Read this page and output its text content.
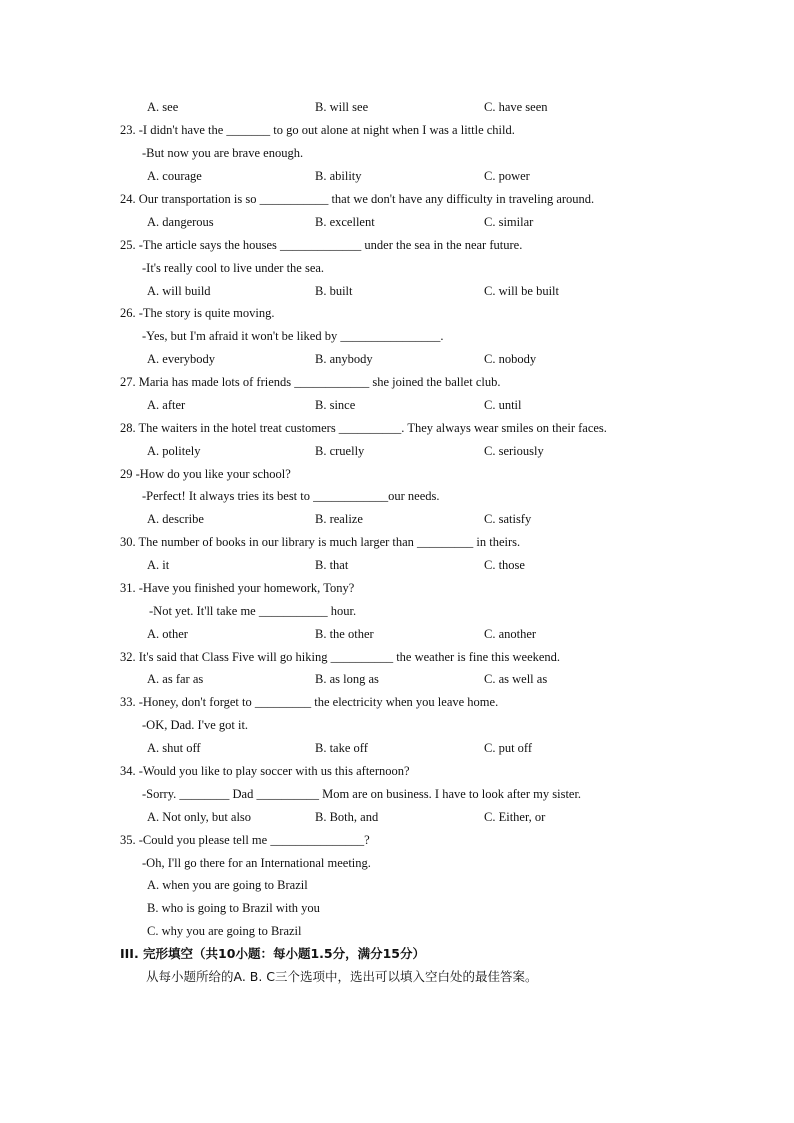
A. see	B. will see	C. have seen
23. -I didn't have the _______ to go out alone at night when I was a little child.
-But now you are brave enough.
A. courage	B. ability	C. power
24. Our transportation is so ___________ that we don't have any difficulty in traveling around.
A. dangerous	B. excellent	C. similar
25. -The article says the houses _____________ under the sea in the near future.
-It's really cool to live under the sea.
A. will build	B. built	C. will be built
26. -The story is quite moving.
-Yes, but I'm afraid it won't be liked by ________________.
A. everybody	B. anybody	C. nobody
27. Maria has made lots of friends ____________ she joined the ballet club.
A. after	B. since	C. until
28. The waiters in the hotel treat customers __________. They always wear smiles on their faces.
A. politely	B. cruelly	C. seriously
29 -How do you like your school?
-Perfect! It always tries its best to ____________our needs.
A. describe	B. realize	C. satisfy
30. The number of books in our library is much larger than _________ in theirs.
A. it	B. that	C. those
31. -Have you finished your homework, Tony?
-Not yet. It'll take me ___________ hour.
A. other	B. the other	C. another
32. It's said that Class Five will go hiking __________ the weather is fine this weekend.
A. as far as	B. as long as	C. as well as
33. -Honey, don't forget to _________ the electricity when you leave home.
-OK, Dad. I've got it.
A. shut off	B. take off	C. put off
34. -Would you like to play soccer with us this afternoon?
-Sorry. ________ Dad __________ Mom are on business. I have to look after my sister.
A. Not only, but also	B. Both, and	C. Either, or
35. -Could you please tell me _______________?
-Oh, I'll go there for an International meeting.
A. when you are going to Brazil
B. who is going to Brazil with you
C. why you are going to Brazil
III. 完形填空（共10小题：每小题1.5分，满分15分）
从每小题所给的A. B. C三个选项中，选出可以填入空白处的最佳答案。
